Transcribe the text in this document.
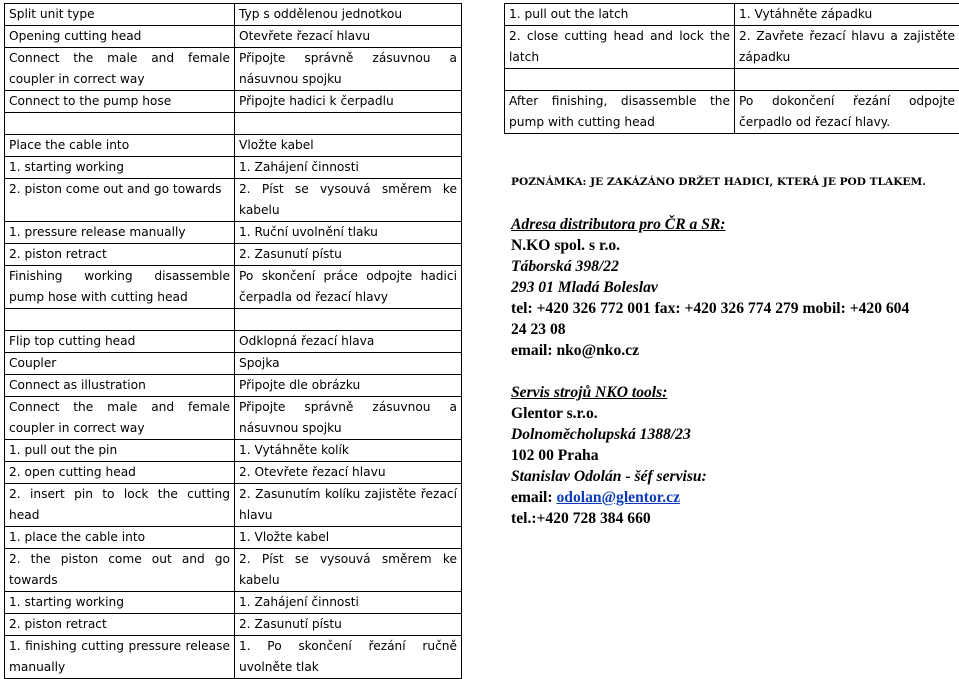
Split unit type	Typ s oddělenou jednotkou
Opening cutting head	Otevřete řezací hlavu
Connect the male and female coupler in correct way	Připojte správně zásuvnou a násuvnou spojku
Connect to the pump hose	Připojte hadici k čerpadlu

Place the cable into	Vložte kabel
1. starting working	1. Zahájení činnosti
2. piston come out and go towards	2. Píst se vysouvá směrem ke kabelu
1. pressure release manually	1. Ruční uvolnění tlaku
2. piston retract	2. Zasunutí pístu
Finishing working disassemble pump hose with cutting head	Po skončení práce odpojte hadici čerpadla od řezací hlavy

Flip top cutting head	Odklopná řezací hlava
Coupler	Spojka
Connect as illustration	Připojte dle obrázku
Connect the male and female coupler in correct way	Připojte správně zásuvnou a násuvnou spojku
1. pull out the pin	1. Vytáhněte kolík
2. open cutting head	2. Otevřete řezací hlavu
2. insert pin to lock the cutting head	2. Zasunutím kolíku zajistěte řezací hlavu
1. place the cable into	1. Vložte kabel
2. the piston come out and go towards	2. Píst se vysouvá směrem ke kabelu
1. starting working	1. Zahájení činnosti
2. piston retract	2. Zasunutí pístu
1. finishing cutting pressure release manually	1. Po skončení řezání ručně uvolněte tlak
1. pull out the latch	1. Vytáhněte západku
2. close cutting head and lock the latch	2. Zavřete řezací hlavu a zajistěte západku

After finishing, disassemble the pump with cutting head	Po dokončení řezání odpojte čerpadlo od řezací hlavy.
POZNÁMKA: JE ZAKÁZÁNO DRŽET HADICI, KTERÁ JE POD TLAKEM.
Adresa distributora pro ČR a SR:
N.KO spol. s r.o.
Táborská 398/22
293 01 Mladá Boleslav
tel: +420 326 772 001 fax: +420 326 774 279 mobil: +420 604
24 23 08
email: nko@nko.cz
Servis strojů NKO tools:
Glentor s.r.o.
Dolnoměcholupská 1388/23
102 00 Praha
Stanislav Odolán - šéf servisu:
email: odolan@glentor.cz
tel.:+420 728 384 660
